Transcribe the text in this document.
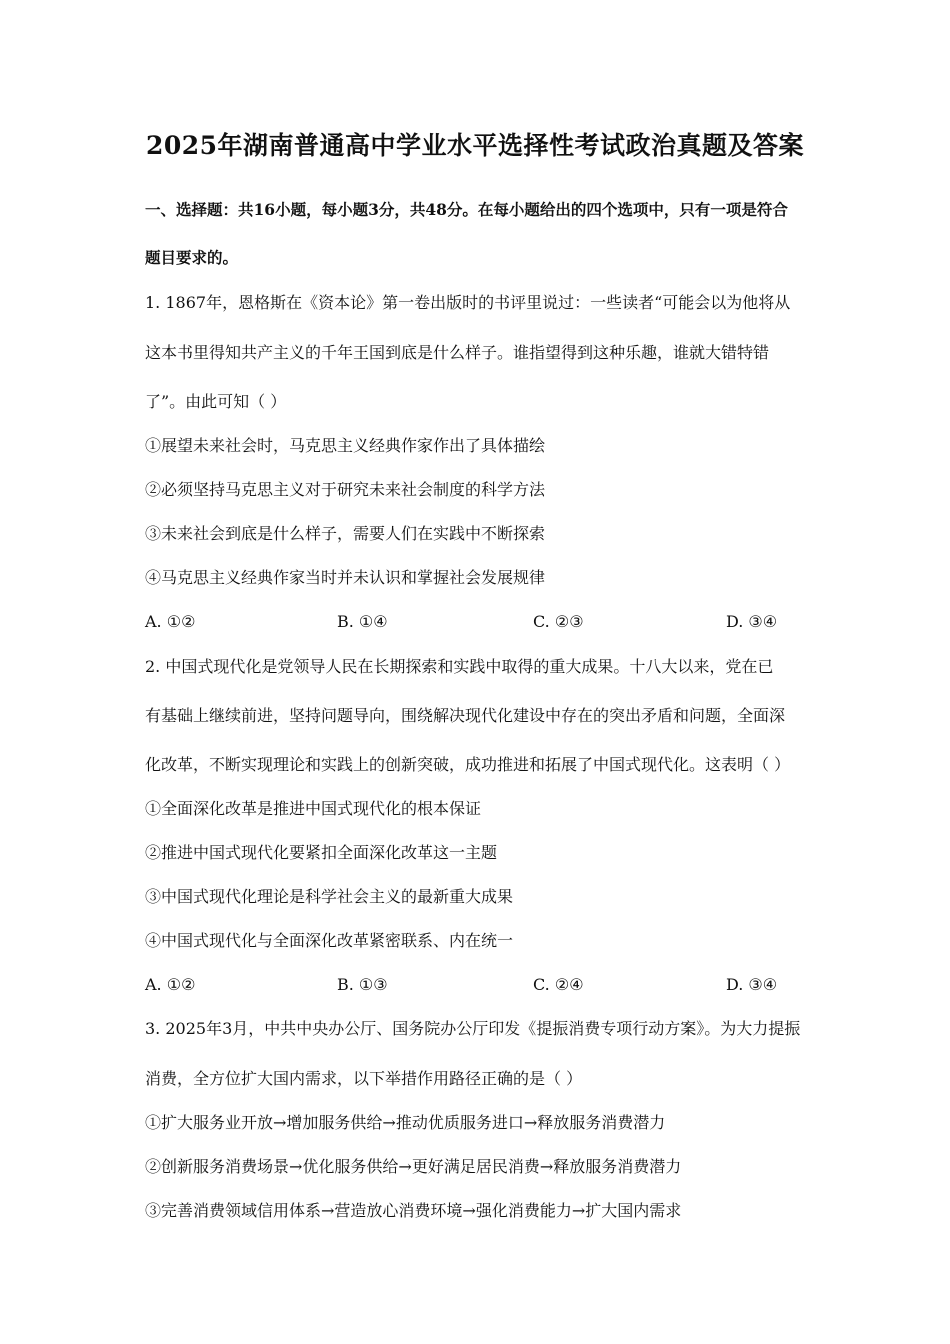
2025年湖南普通高中学业水平选择性考试政治真题及答案
一、选择题：共16小题，每小题3分，共48分。在每小题给出的四个选项中，只有一项是符合
题目要求的。
1. 1867年，恩格斯在《资本论》第一卷出版时的书评里说过：一些读者“可能会以为他将从
这本书里得知共产主义的千年王国到底是什么样子。谁指望得到这种乐趣，谁就大错特错
了”。由此可知（ ）
①展望未来社会时，马克思主义经典作家作出了具体描绘
②必须坚持马克思主义对于研究未来社会制度的科学方法
③未来社会到底是什么样子，需要人们在实践中不断探索
④马克思主义经典作家当时并未认识和掌握社会发展规律
A. ①②	B. ①④	C. ②③	D. ③④
2. 中国式现代化是党领导人民在长期探索和实践中取得的重大成果。十八大以来，党在已
有基础上继续前进，坚持问题导向，围绕解决现代化建设中存在的突出矛盾和问题，全面深
化改革，不断实现理论和实践上的创新突破，成功推进和拓展了中国式现代化。这表明（ ）
①全面深化改革是推进中国式现代化的根本保证
②推进中国式现代化要紧扣全面深化改革这一主题
③中国式现代化理论是科学社会主义的最新重大成果
④中国式现代化与全面深化改革紧密联系、内在统一
A. ①②	B. ①③	C. ②④	D. ③④
3. 2025年3月，中共中央办公厅、国务院办公厅印发《提振消费专项行动方案》。为大力提振
消费，全方位扩大国内需求，以下举措作用路径正确的是（ ）
①扩大服务业开放→增加服务供给→推动优质服务进口→释放服务消费潜力
②创新服务消费场景→优化服务供给→更好满足居民消费→释放服务消费潜力
③完善消费领域信用体系→营造放心消费环境→强化消费能力→扩大国内需求
